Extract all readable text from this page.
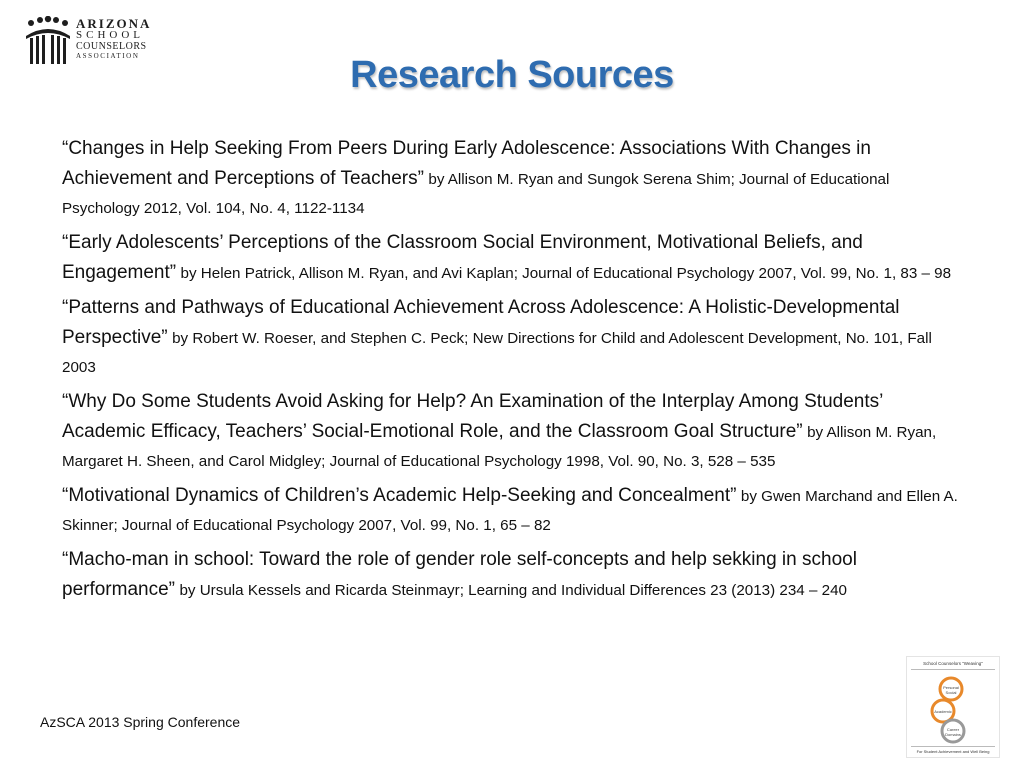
ARIZONA
SCHOOL
COUNSELORS
ASSOCIATION	Research Sources
“Changes in Help Seeking From Peers During Early Adolescence: Associations With Changes in Achievement and Perceptions of Teachers” by Allison M. Ryan and Sungok Serena Shim; Journal of Educational Psychology 2012, Vol. 104, No. 4, 1122-1134
“Early Adolescents’ Perceptions of the Classroom Social Environment, Motivational Beliefs, and Engagement” by Helen Patrick, Allison M. Ryan, and Avi Kaplan; Journal of Educational Psychology 2007, Vol. 99, No. 1, 83 – 98
“Patterns and Pathways of Educational Achievement Across Adolescence: A Holistic-Developmental Perspective” by Robert W. Roeser, and Stephen C. Peck; New Directions for Child and Adolescent Development, No. 101, Fall 2003
“Why Do Some Students Avoid Asking for Help? An Examination of the Interplay Among Students’ Academic Efficacy, Teachers’ Social-Emotional Role, and the Classroom Goal Structure” by Allison M. Ryan, Margaret H. Sheen, and Carol Midgley; Journal of Educational Psychology 1998, Vol. 90, No. 3, 528 – 535
“Motivational Dynamics of Children’s Academic Help-Seeking and Concealment” by Gwen Marchand and Ellen A. Skinner; Journal of Educational Psychology 2007, Vol. 99, No. 1, 65 – 82
“Macho-man in school: Toward the role of gender role self-concepts and help sekking in school performance” by Ursula Kessels and Ricarda Steinmayr; Learning and Individual Differences 23 (2013) 234 – 240
AzSCA 2013 Spring Conference
School Counselors "Weaving"
Personal Social
Academic
Career Domains
For Student Achievement and Well Being
